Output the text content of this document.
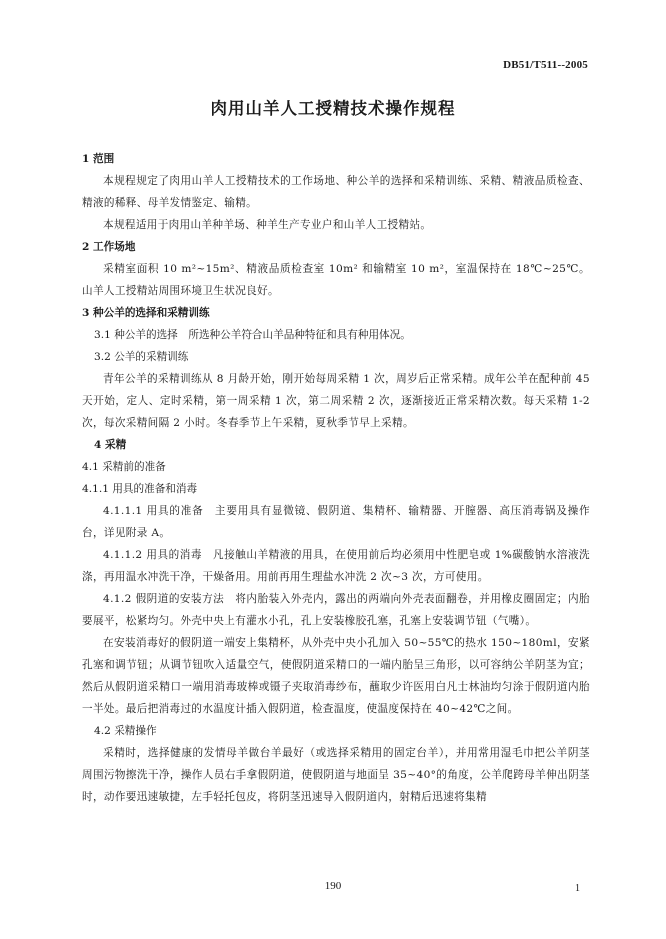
DB51/T511--2005
肉用山羊人工授精技术操作规程

1 范围

本规程规定了肉用山羊人工授精技术的工作场地、种公羊的选择和采精训练、采精、精液品质检查、精液的稀释、母羊发情鉴定、输精。

本规程适用于肉用山羊种羊场、种羊生产专业户和山羊人工授精站。

2 工作场地

采精室面积 10 m²~15m²、精液品质检查室 10m² 和输精室 10 m²，室温保持在 18℃~25℃。山羊人工授精站周围环境卫生状况良好。

3 种公羊的选择和采精训练

3.1 种公羊的选择　所选种公羊符合山羊品种特征和具有种用体况。

3.2 公羊的采精训练

青年公羊的采精训练从 8 月龄开始，刚开始每周采精 1 次，周岁后正常采精。成年公羊在配种前 45 天开始，定人、定时采精，第一周采精 1 次，第二周采精 2 次，逐渐接近正常采精次数。每天采精 1-2 次，每次采精间隔 2 小时。冬春季节上午采精，夏秋季节早上采精。

4 采精

4.1 采精前的准备

4.1.1 用具的准备和消毒

4.1.1.1 用具的准备　主要用具有显微镜、假阴道、集精杯、输精器、开膣器、高压消毒锅及操作台，详见附录 A。

4.1.1.2 用具的消毒　凡接触山羊精液的用具，在使用前后均必须用中性肥皂或 1%碳酸钠水溶液洗涤，再用温水冲洗干净，干燥备用。用前再用生理盐水冲洗 2 次~3 次，方可使用。

4.1.2 假阴道的安装方法　将内胎装入外壳内，露出的两端向外壳表面翻卷，并用橡皮圈固定；内胎要展平，松紧均匀。外壳中央上有灌水小孔，孔上安装橡胶孔塞，孔塞上安装调节钮（气嘴）。

在安装消毒好的假阴道一端安上集精杯，从外壳中央小孔加入 50~55℃的热水 150~180ml，安紧孔塞和调节钮；从调节钮吹入适量空气，使假阴道采精口的一端内胎呈三角形，以可容纳公羊阴茎为宜；然后从假阴道采精口一端用消毒玻棒或镊子夹取消毒纱布，蘸取少许医用白凡士林油均匀涂于假阴道内胎一半处。最后把消毒过的水温度计插入假阴道，检查温度，使温度保持在 40~42℃之间。

4.2 采精操作

采精时，选择健康的发情母羊做台羊最好（或选择采精用的固定台羊），并用常用湿毛巾把公羊阴茎周围污物擦洗干净，操作人员右手拿假阴道，使假阴道与地面呈 35~40°的角度，公羊爬跨母羊伸出阴茎时，动作要迅速敏捷，左手轻托包皮，将阴茎迅速导入假阴道内，射精后迅速将集精

190	1
